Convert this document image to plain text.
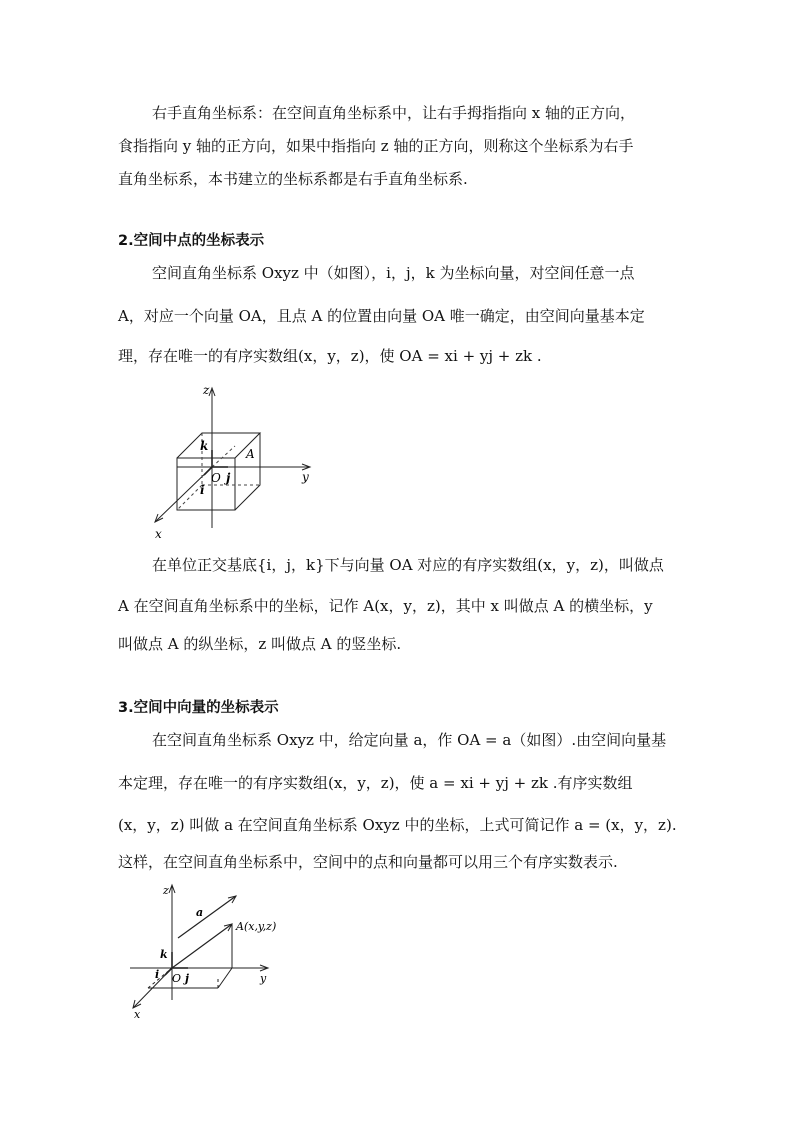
右手直角坐标系：在空间直角坐标系中，让右手拇指指向 x 轴的正方向，
食指指向 y 轴的正方向，如果中指指向 z 轴的正方向，则称这个坐标系为右手
直角坐标系，本书建立的坐标系都是右手直角坐标系.
2.空间中点的坐标表示
空间直角坐标系 Oxyz 中（如图），i，j，k 为坐标向量，对空间任意一点
A，对应一个向量 OA，且点 A 的位置由向量 OA 唯一确定，由空间向量基本定
理，存在唯一的有序实数组(x，y，z)，使 OA = xi + yj + zk .
z
y
x
O
A
k
j
i
在单位正交基底{i，j，k}下与向量 OA 对应的有序实数组(x，y，z)，叫做点
A 在空间直角坐标系中的坐标，记作 A(x，y，z)，其中 x 叫做点 A 的横坐标，y
叫做点 A 的纵坐标，z 叫做点 A 的竖坐标.
3.空间中向量的坐标表示
在空间直角坐标系 Oxyz 中，给定向量 a，作 OA = a（如图）.由空间向量基
本定理，存在唯一的有序实数组(x，y，z)，使 a = xi + yj + zk .有序实数组
(x，y，z) 叫做 a 在空间直角坐标系 Oxyz 中的坐标，上式可简记作 a = (x，y，z).
这样，在空间直角坐标系中，空间中的点和向量都可以用三个有序实数表示.
z
y
x
O
A(x,y,z)
a
k
j
i
